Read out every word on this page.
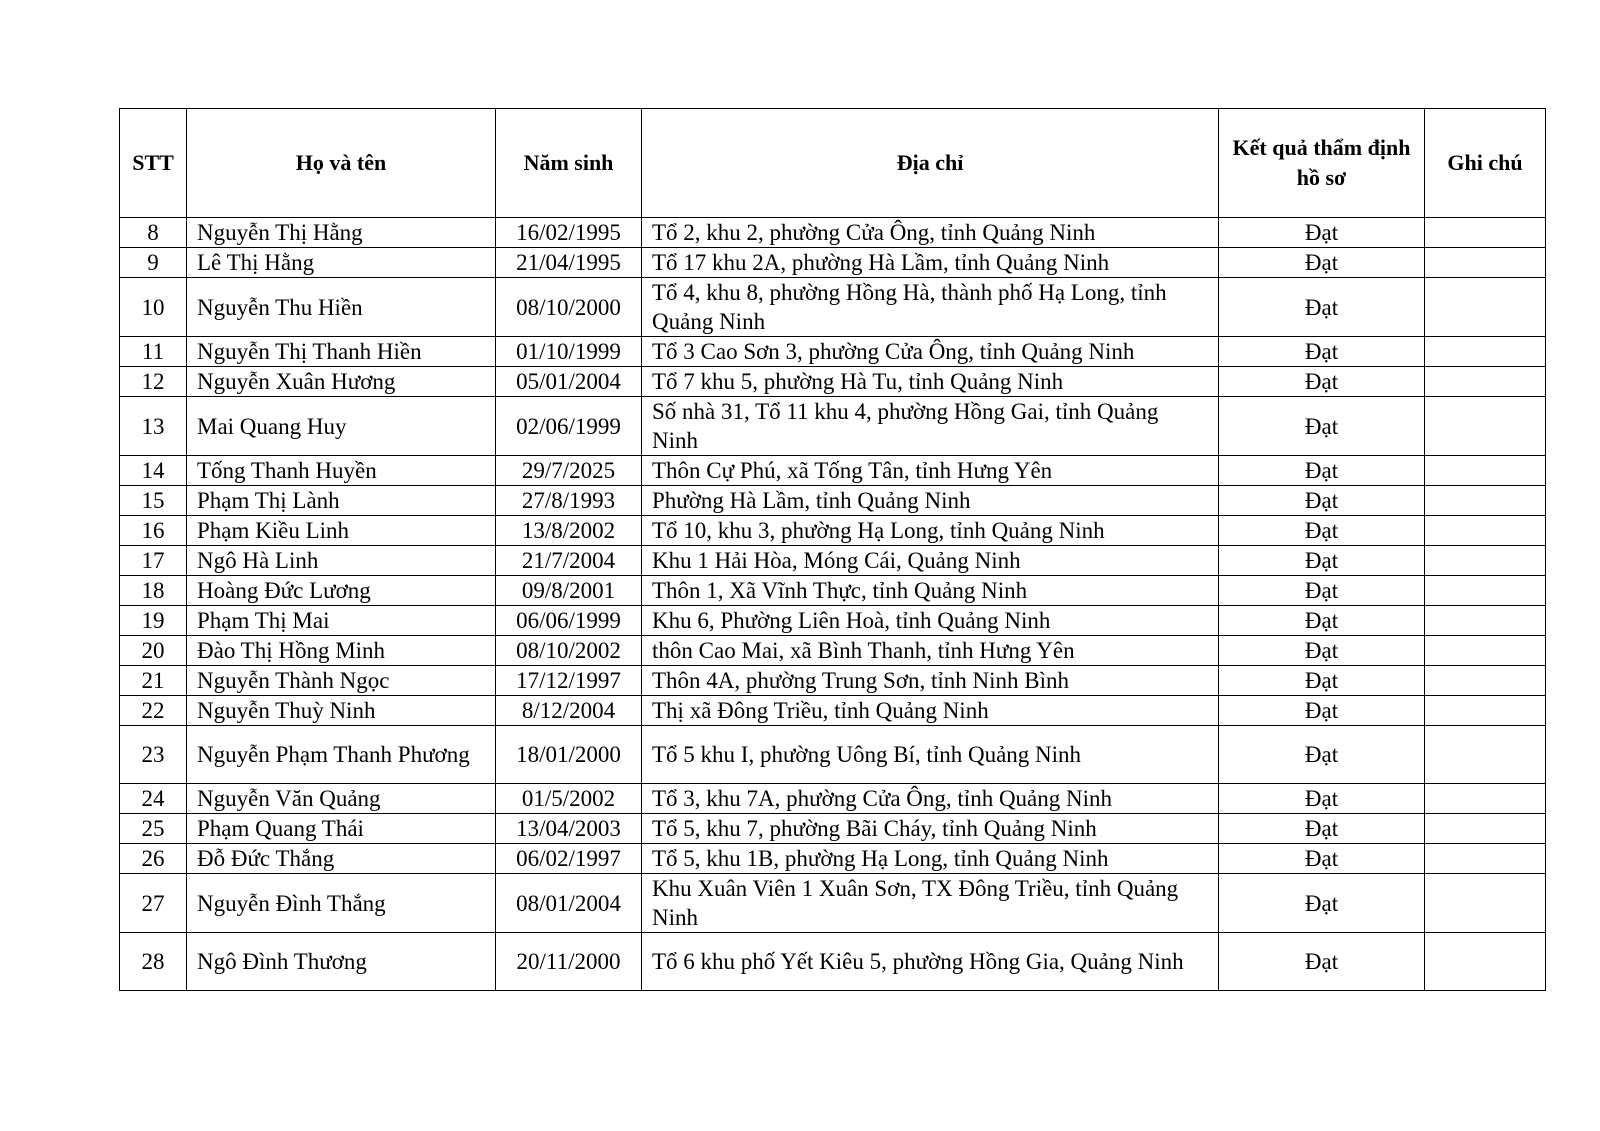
STT	Họ và tên	Năm sinh	Địa chỉ	Kết quả thẩm định hồ sơ	Ghi chú
8	Nguyễn Thị Hằng	16/02/1995	Tổ 2, khu 2, phường Cửa Ông, tỉnh Quảng Ninh	Đạt	
9	Lê Thị Hằng	21/04/1995	Tổ 17 khu 2A, phường Hà Lầm, tỉnh Quảng Ninh	Đạt	
10	Nguyễn Thu Hiền	08/10/2000	Tổ 4, khu 8, phường Hồng Hà, thành phố Hạ Long, tỉnh Quảng Ninh	Đạt	
11	Nguyễn Thị Thanh Hiền	01/10/1999	Tổ 3 Cao Sơn 3, phường Cửa Ông, tỉnh Quảng Ninh	Đạt	
12	Nguyễn Xuân Hương	05/01/2004	Tổ 7 khu 5, phường Hà Tu, tỉnh Quảng Ninh	Đạt	
13	Mai Quang Huy	02/06/1999	Số nhà 31, Tổ 11 khu 4, phường Hồng Gai, tỉnh Quảng Ninh	Đạt	
14	Tống Thanh Huyền	29/7/2025	Thôn Cự Phú, xã Tống Tân, tỉnh Hưng Yên	Đạt	
15	Phạm Thị Lành	27/8/1993	Phường Hà Lầm, tỉnh Quảng Ninh	Đạt	
16	Phạm Kiều Linh	13/8/2002	Tổ 10, khu 3, phường Hạ Long, tỉnh Quảng Ninh	Đạt	
17	Ngô Hà Linh	21/7/2004	Khu 1 Hải Hòa, Móng Cái, Quảng Ninh	Đạt	
18	Hoàng Đức Lương	09/8/2001	Thôn 1, Xã Vĩnh Thực, tỉnh Quảng Ninh	Đạt	
19	Phạm Thị Mai	06/06/1999	Khu 6, Phường Liên Hoà, tỉnh Quảng Ninh	Đạt	
20	Đào Thị Hồng Minh	08/10/2002	thôn Cao Mai, xã Bình Thanh, tỉnh Hưng Yên	Đạt	
21	Nguyễn Thành Ngọc	17/12/1997	Thôn 4A, phường Trung Sơn, tỉnh Ninh Bình	Đạt	
22	Nguyễn Thuỳ Ninh	8/12/2004	Thị xã Đông Triều, tỉnh Quảng Ninh	Đạt	
23	Nguyễn Phạm Thanh Phương	18/01/2000	Tổ 5 khu I, phường Uông Bí, tỉnh Quảng Ninh	Đạt	
24	Nguyễn Văn Quảng	01/5/2002	Tổ 3, khu 7A, phường Cửa Ông, tỉnh Quảng Ninh	Đạt	
25	Phạm Quang Thái	13/04/2003	Tổ 5, khu 7, phường Bãi Cháy, tỉnh Quảng Ninh	Đạt	
26	Đỗ Đức Thắng	06/02/1997	Tổ 5, khu 1B, phường Hạ Long, tỉnh Quảng Ninh	Đạt	
27	Nguyễn Đình Thắng	08/01/2004	Khu Xuân Viên 1 Xuân Sơn, TX Đông Triều, tỉnh Quảng Ninh	Đạt	
28	Ngô Đình Thương	20/11/2000	Tổ 6 khu phố Yết Kiêu 5, phường Hồng Gia, Quảng Ninh	Đạt	
